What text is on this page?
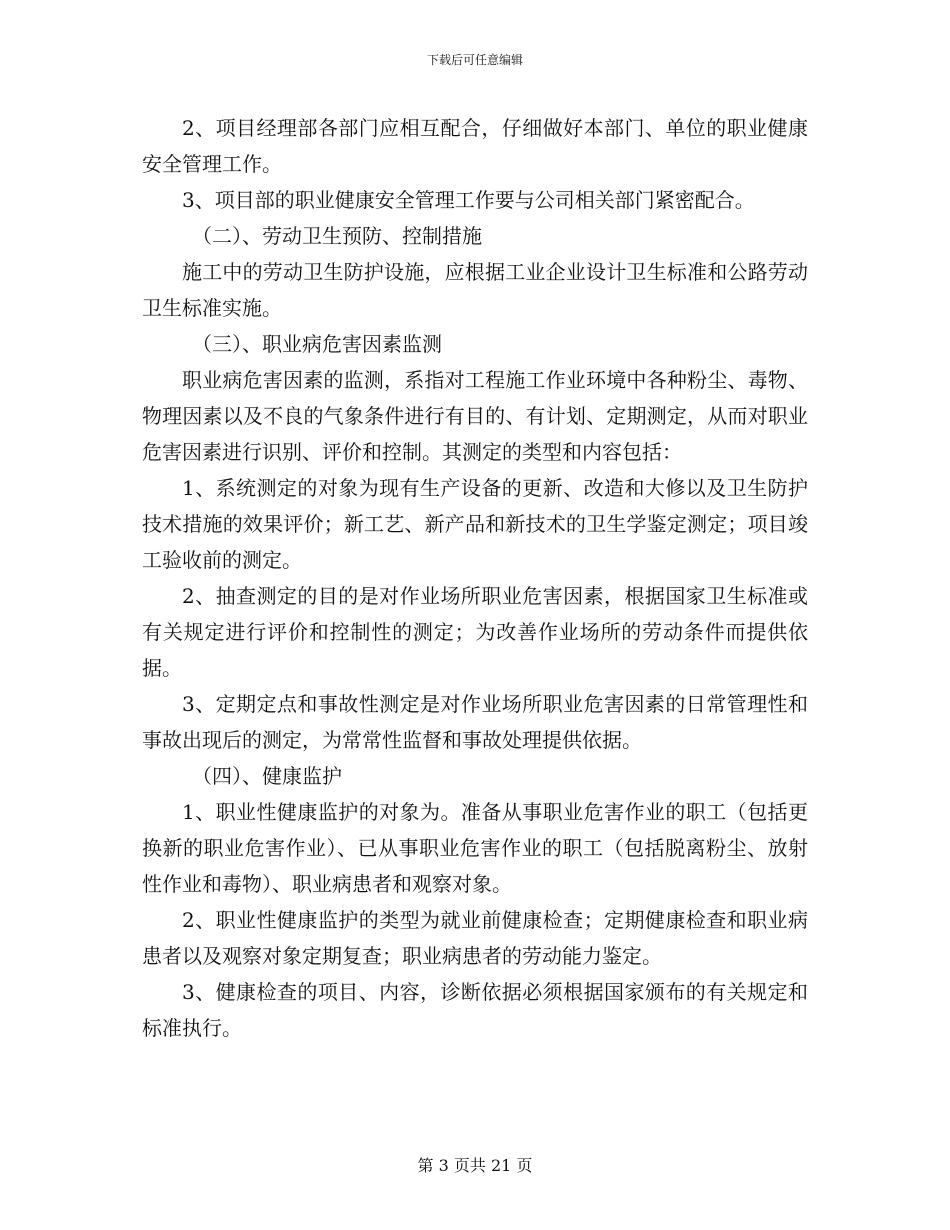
下载后可任意编辑

2、项目经理部各部门应相互配合，仔细做好本部门、单位的职业健康安全管理工作。

3、项目部的职业健康安全管理工作要与公司相关部门紧密配合。

（二）、劳动卫生预防、控制措施

施工中的劳动卫生防护设施，应根据工业企业设计卫生标准和公路劳动卫生标准实施。

（三）、职业病危害因素监测

职业病危害因素的监测，系指对工程施工作业环境中各种粉尘、毒物、物理因素以及不良的气象条件进行有目的、有计划、定期测定，从而对职业危害因素进行识别、评价和控制。其测定的类型和内容包括：

1、系统测定的对象为现有生产设备的更新、改造和大修以及卫生防护技术措施的效果评价；新工艺、新产品和新技术的卫生学鉴定测定；项目竣工验收前的测定。

2、抽查测定的目的是对作业场所职业危害因素，根据国家卫生标准或有关规定进行评价和控制性的测定；为改善作业场所的劳动条件而提供依据。

3、定期定点和事故性测定是对作业场所职业危害因素的日常管理性和事故出现后的测定，为常常性监督和事故处理提供依据。

（四）、健康监护

1、职业性健康监护的对象为。准备从事职业危害作业的职工（包括更换新的职业危害作业）、已从事职业危害作业的职工（包括脱离粉尘、放射性作业和毒物）、职业病患者和观察对象。

2、职业性健康监护的类型为就业前健康检查；定期健康检查和职业病患者以及观察对象定期复查；职业病患者的劳动能力鉴定。

3、健康检查的项目、内容，诊断依据必须根据国家颁布的有关规定和标准执行。

第 3 页共 21 页
